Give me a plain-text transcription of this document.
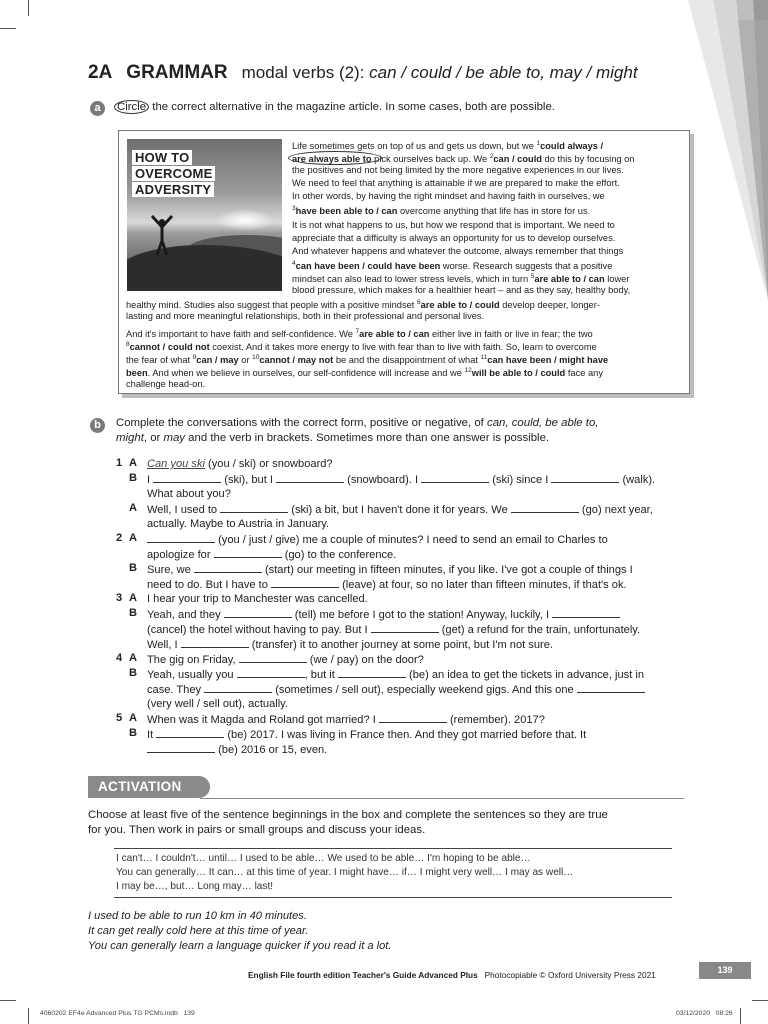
2A GRAMMAR modal verbs (2): can / could / be able to, may / might
a	Circle the correct alternative in the magazine article. In some cases, both are possible.
HOW TO
OVERCOME
ADVERSITY
Life sometimes gets on top of us and gets us down, but we $^1$could always /
are always able to pick ourselves back up. We $^2$can / could do this by focusing on
the positives and not being limited by the more negative experiences in our lives.
We need to feel that anything is attainable if we are prepared to make the effort.
In other words, by having the right mindset and having faith in ourselves, we
$^3$have been able to / can overcome anything that life has in store for us.
It is not what happens to us, but how we respond that is important. We need to
appreciate that a difficulty is always an opportunity for us to develop ourselves.
And whatever happens and whatever the outcome, always remember that things
$^4$can have been / could have been worse. Research suggests that a positive
mindset can also lead to lower stress levels, which in turn $^5$are able to / can lower
blood pressure, which makes for a healthier heart – and as they say, healthy body,
healthy mind. Studies also suggest that people with a positive mindset $^6$are able to / could develop deeper, longer-
lasting and more meaningful relationships, both in their professional and personal lives.
And it's important to have faith and self-confidence. We $^7$are able to / can either live in faith or live in fear; the two
$^8$cannot / could not coexist. And it takes more energy to live with fear than to live with faith. So, learn to overcome
the fear of what $^9$can / may or $^{10}$cannot / may not be and the disappointment of what $^{11}$can have been / might have
been. And when we believe in ourselves, our self-confidence will increase and we $^{12}$will be able to / could face any
challenge head-on.
b	Complete the conversations with the correct form, positive or negative, of can, could, be able to,
might, or may and the verb in brackets. Sometimes more than one answer is possible.
1 A Can you ski (you / ski) or snowboard?
B I	(ski), but I	(snowboard). I	(ski) since I	(walk).
What about you?
A Well, I used to	(ski) a bit, but I haven't done it for years. We	(go) next year,
actually. Maybe to Austria in January.
2 A	(you / just / give) me a couple of minutes? I need to send an email to Charles to
apologize for	(go) to the conference.
B Sure, we	(start) our meeting in fifteen minutes, if you like. I've got a couple of things I
need to do. But I have to	(leave) at four, so no later than fifteen minutes, if that's ok.
3 A I hear your trip to Manchester was cancelled.
B Yeah, and they	(tell) me before I got to the station! Anyway, luckily, I
(cancel) the hotel without having to pay. But I	(get) a refund for the train, unfortunately.
Well, I	(transfer) it to another journey at some point, but I'm not sure.
4 A The gig on Friday,	(we / pay) on the door?
B Yeah, usually you	, but it	(be) an idea to get the tickets in advance, just in
case. They	(sometimes / sell out), especially weekend gigs. And this one
(very well / sell out), actually.
5 A When was it Magda and Roland got married? I	(remember). 2017?
B It	(be) 2017. I was living in France then. And they got married before that. It
(be) 2016 or 15, even.
ACTIVATION
Choose at least five of the sentence beginnings in the box and complete the sentences so they are true
for you. Then work in pairs or small groups and discuss your ideas.
I can't… I couldn't… until… I used to be able… We used to be able… I'm hoping to be able…
You can generally… It can… at this time of year. I might have… if… I might very well… I may as well…
I may be…, but… Long may… last!
I used to be able to run 10 km in 40 minutes.
It can get really cold here at this time of year.
You can generally learn a language quicker if you read it a lot.
English File fourth edition Teacher's Guide Advanced Plus   Photocopiable © Oxford University Press 2021	139
4060202 EF4e Advanced Plus TG PCMs.indb   139	03/12/2020   08:26
